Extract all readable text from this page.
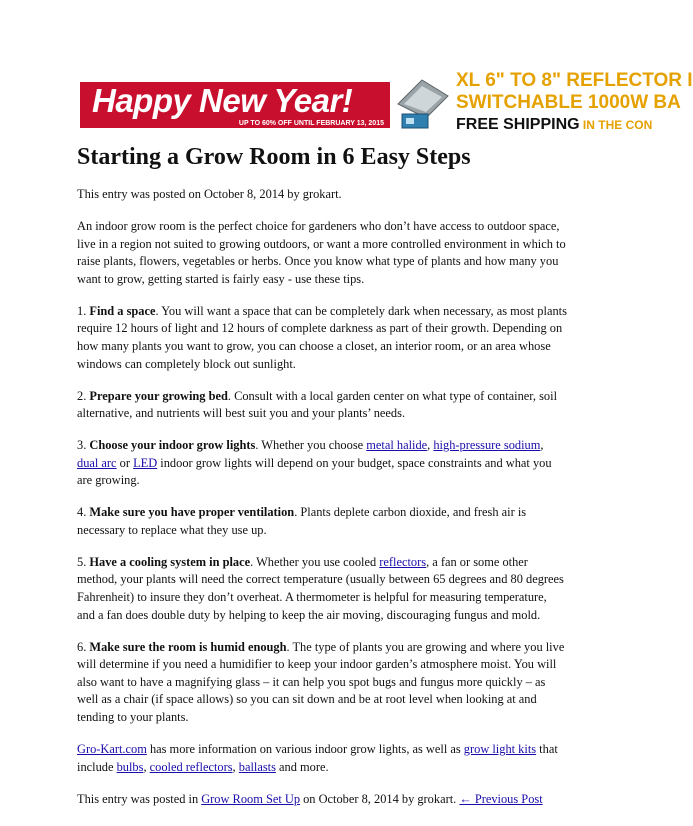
Happy New Year!
UP TO 60% OFF UNTIL FEBRUARY 13, 2015
XL 6" TO 8" REFLECTOR I
SWITCHABLE 1000W BA
FREE SHIPPING IN THE CON
Starting a Grow Room in 6 Easy Steps

This entry was posted on October 8, 2014 by grokart.

An indoor grow room is the perfect choice for gardeners who don’t have access to outdoor space, live in a region not suited to growing outdoors, or want a more controlled environment in which to raise plants, flowers, vegetables or herbs. Once you know what type of plants and how many you want to grow, getting started is fairly easy - use these tips.

1. Find a space. You will want a space that can be completely dark when necessary, as most plants require 12 hours of light and 12 hours of complete darkness as part of their growth. Depending on how many plants you want to grow, you can choose a closet, an interior room, or an area whose windows can completely block out sunlight.

2. Prepare your growing bed. Consult with a local garden center on what type of container, soil alternative, and nutrients will best suit you and your plants’ needs.

3. Choose your indoor grow lights. Whether you choose metal halide, high-pressure sodium, dual arc or LED indoor grow lights will depend on your budget, space constraints and what you are growing.

4. Make sure you have proper ventilation. Plants deplete carbon dioxide, and fresh air is necessary to replace what they use up.

5. Have a cooling system in place. Whether you use cooled reflectors, a fan or some other method, your plants will need the correct temperature (usually between 65 degrees and 80 degrees Fahrenheit) to insure they don’t overheat. A thermometer is helpful for measuring temperature, and a fan does double duty by helping to keep the air moving, discouraging fungus and mold.

6. Make sure the room is humid enough. The type of plants you are growing and where you live will determine if you need a humidifier to keep your indoor garden’s atmosphere moist. You will also want to have a magnifying glass – it can help you spot bugs and fungus more quickly – as well as a chair (if space allows) so you can sit down and be at root level when looking at and tending to your plants.

Gro-Kart.com has more information on various indoor grow lights, as well as grow light kits that include bulbs, cooled reflectors, ballasts and more.

This entry was posted in Grow Room Set Up on October 8, 2014 by grokart. ← Previous Post
